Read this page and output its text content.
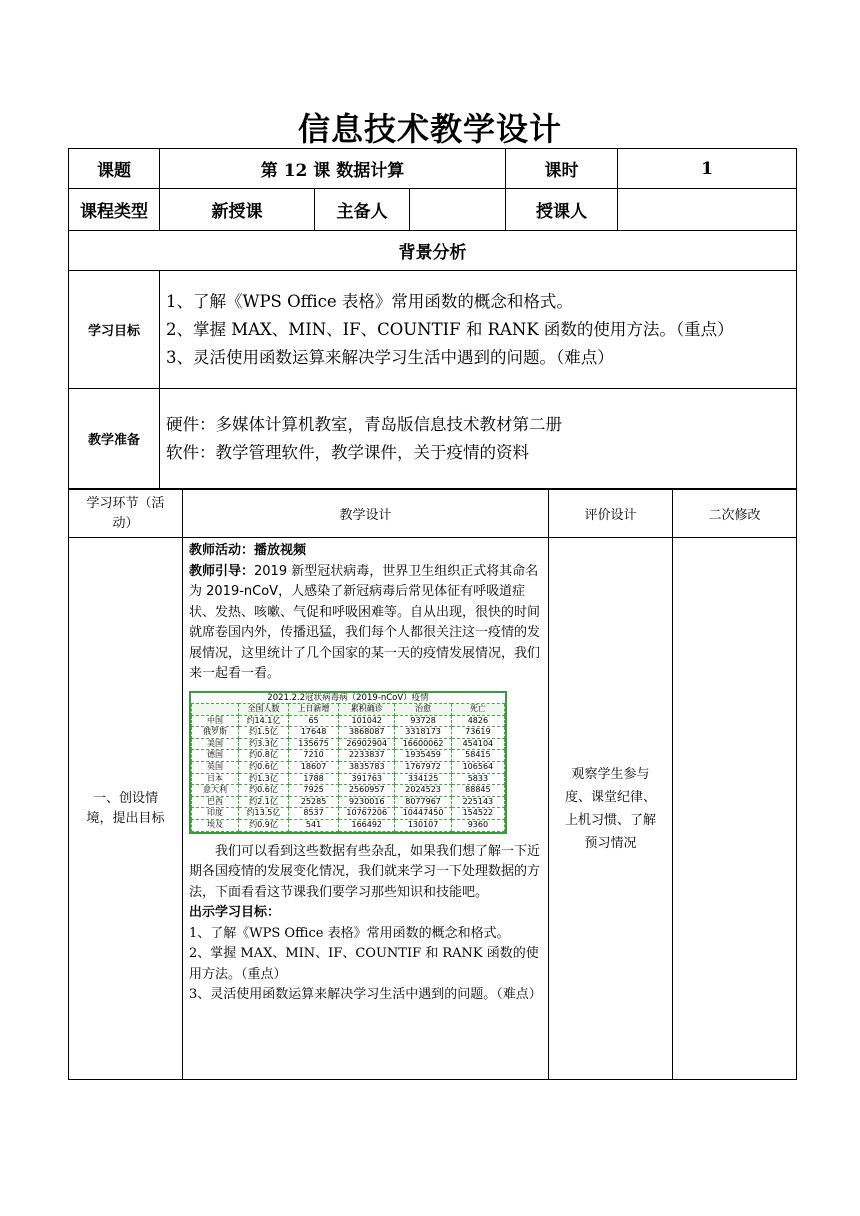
信息技术教学设计
课题	第 12 课 数据计算			课时	1
课程类型	新授课	主备人		授课人	
背景分析					
学习目标	1、了解《WPS Office 表格》常用函数的概念和格式。
2、掌握 MAX、MIN、IF、COUNTIF 和 RANK 函数的使用方法。（重点）
3、灵活使用函数运算来解决学习生活中遇到的问题。（难点）				

教学准备	硬件：多媒体计算机教室，青岛版信息技术教材第二册
软件：教学管理软件，教学课件，关于疫情的资料				
学习环节（活动）	教学设计	评价设计	二次修改
一、创设情境，提出目标	

教师活动：播放视频

教师引导：2019 新型冠状病毒，世界卫生组织正式将其命名为 2019-nCoV，人感染了新冠病毒后常见体征有呼吸道症状、发热、咳嗽、气促和呼吸困难等。自从出现，很快的时间就席卷国内外，传播迅猛，我们每个人都很关注这一疫情的发展情况，这里统计了几个国家的某一天的疫情发展情况，我们来一起看一看。

2021.2.2冠状病毒病（2019-nCoV）疫情
	全国人数	上日新增	累积确诊	治愈	死亡
中国	约14.1亿	65	101042	93728	4826
俄罗斯	约1.5亿	17648	3868087	3318173	73619
美国	约3.3亿	135675	26902904	16600062	454104
德国	约0.8亿	7210	2233837	1935459	58415
英国	约0.6亿	18607	3835783	1767972	106564
日本	约1.3亿	1788	391763	334125	5833
意大利	约0.6亿	7925	2560957	2024523	88845
巴西	约2.1亿	25285	9230016	8077967	225143
印度	约13.5亿	8537	10767206	10447450	154522
埃及	约0.9亿	541	166492	130107	9360

我们可以看到这些数据有些杂乱，如果我们想了解一下近期各国疫情的发展变化情况，我们就来学习一下处理数据的方法，下面看看这节课我们要学习那些知识和技能吧。

出示学习目标：

1、了解《WPS Office 表格》常用函数的概念和格式。

2、掌握 MAX、MIN、IF、COUNTIF 和 RANK 函数的使用方法。（重点）

3、灵活使用函数运算来解决学习生活中遇到的问题。（难点）

	观察学生参与度、课堂纪律、上机习惯、了解预习情况	
